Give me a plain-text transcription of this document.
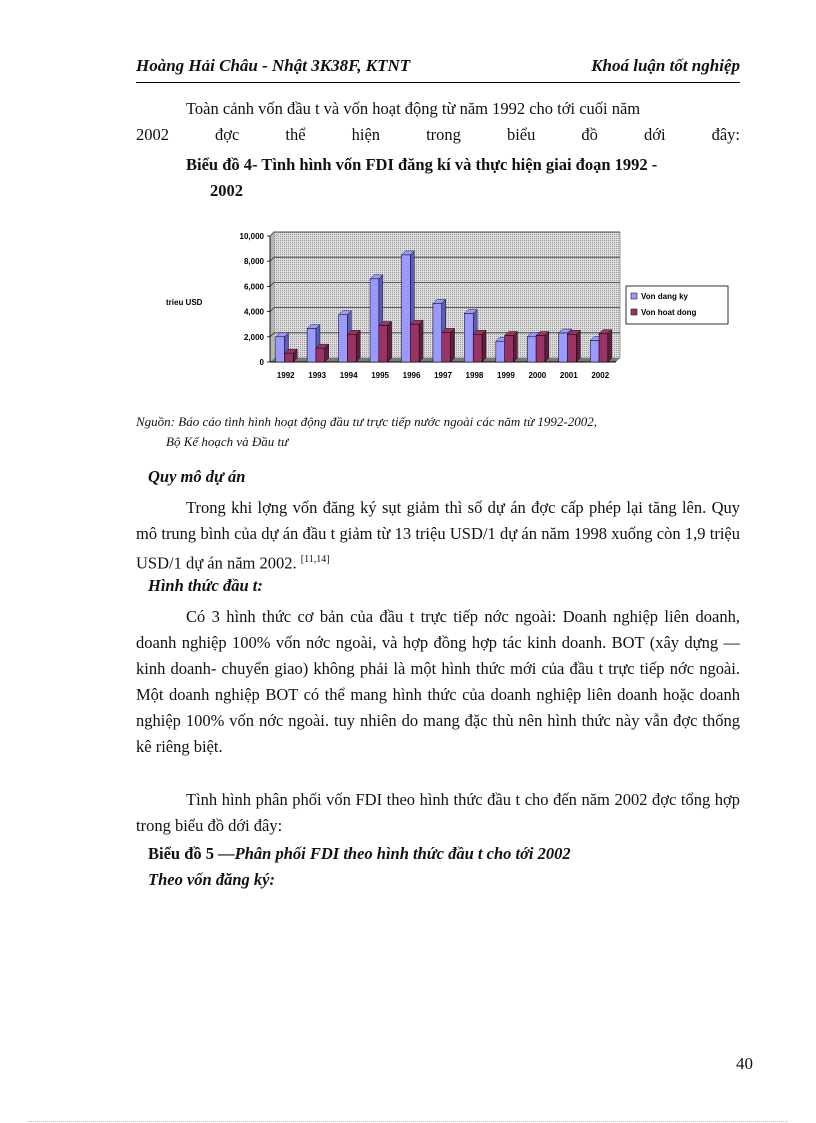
Hoàng Hải Châu - Nhật 3K38F, KTNT	Khoá luận tốt nghiệp
Toàn cảnh vốn đầu t và vốn hoạt động từ năm 1992 cho tới cuối năm
2002 đợc thể hiện trong biểu đồ dới đây:
Biểu đồ 4- Tình hình vốn FDI đăng kí và thực hiện giai đoạn 1992 -
2002
0
2,000
4,000
6,000
8,000
10,000
trieu USD
1992 1993 1994 1995 1996 1997 1998 1999 2000 2001 2002
Von dang ky
Von hoat dong
Nguồn: Báo cáo tình hình hoạt động đầu tư trực tiếp nước ngoài các năm từ 1992-2002,
Bộ Kế hoạch và Đầu tư
Quy mô dự án
Trong khi lợng vốn đăng ký sụt giảm thì số dự án đợc cấp phép lại tăng lên. Quy mô trung bình của dự án đầu t giảm từ 13 triệu USD/1 dự án năm 1998 xuống còn 1,9 triệu USD/1 dự án năm 2002. [11,14]
Hình thức đầu t:
Có 3 hình thức cơ bản của đầu t trực tiếp nớc ngoài: Doanh nghiệp liên doanh, doanh nghiệp 100% vốn nớc ngoài, và hợp đồng hợp tác kinh doanh. BOT (xây dựng — kinh doanh- chuyển giao) không phải là một hình thức mới của đầu t trực tiếp nớc ngoài. Một doanh nghiệp BOT có thể mang hình thức của doanh nghiệp liên doanh hoặc doanh nghiệp 100% vốn nớc ngoài. tuy nhiên do mang đặc thù nên hình thức này vẫn đợc thống kê riêng biệt.
Tình hình phân phối vốn FDI theo hình thức đầu t cho đến năm 2002 đợc tổng hợp trong biểu đồ dới đây:
Biểu đồ 5 —Phân phối FDI theo hình thức đầu t cho tới 2002
Theo vốn đăng ký:
40
